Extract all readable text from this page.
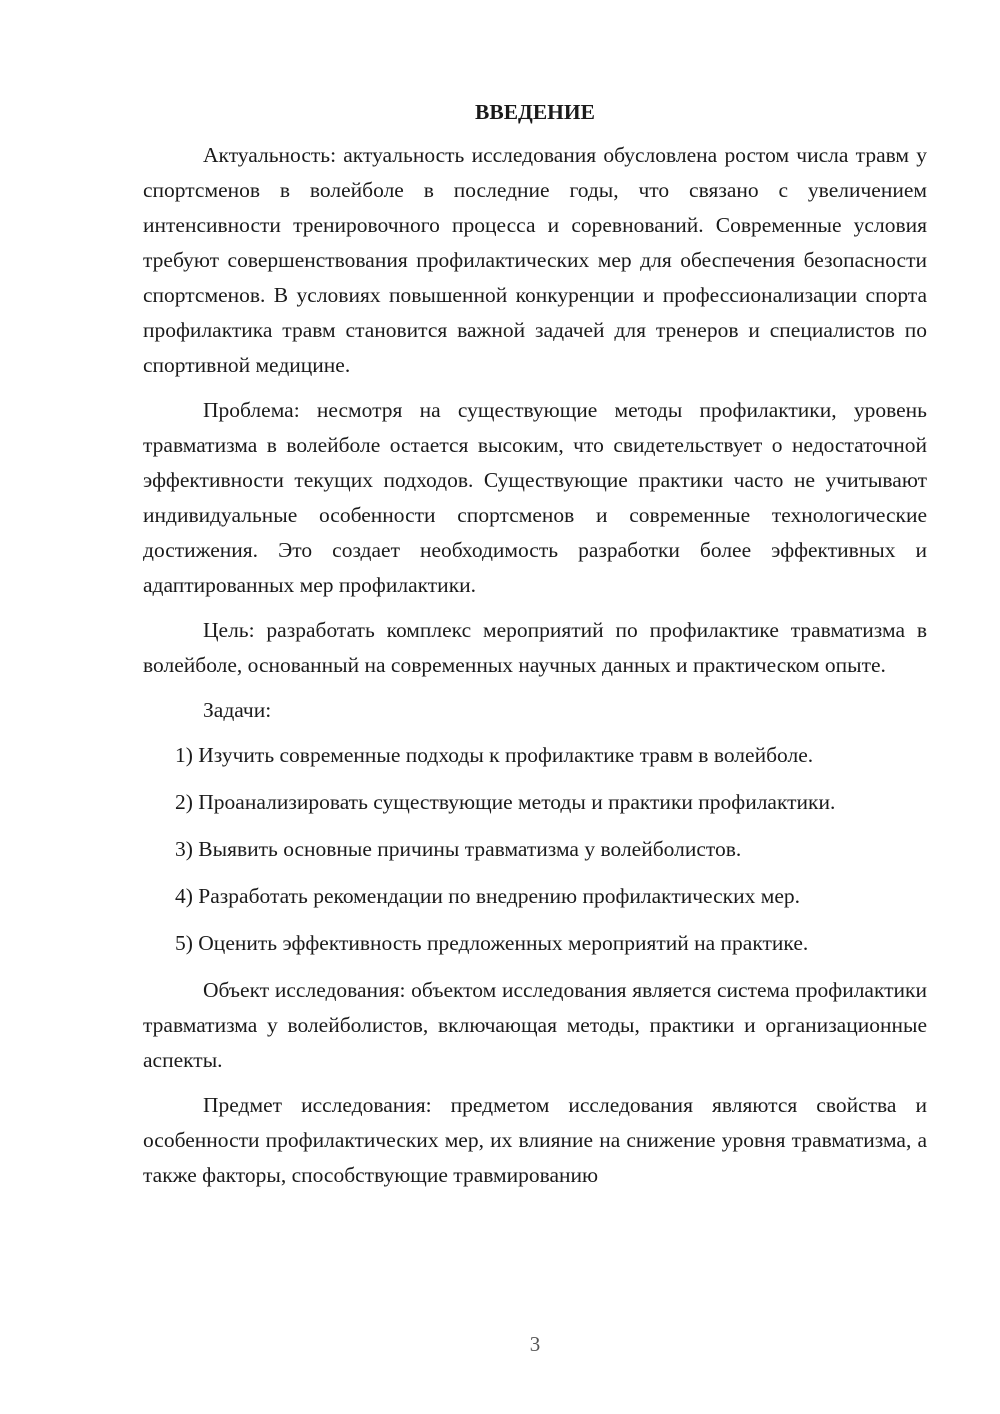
ВВЕДЕНИЕ

Актуальность: актуальность исследования обусловлена ростом числа травм у спортсменов в волейболе в последние годы, что связано с увеличением интенсивности тренировочного процесса и соревнований. Современные условия требуют совершенствования профилактических мер для обеспечения безопасности спортсменов. В условиях повышенной конкуренции и профессионализации спорта профилактика травм становится важной задачей для тренеров и специалистов по спортивной медицине.

Проблема: несмотря на существующие методы профилактики, уровень травматизма в волейболе остается высоким, что свидетельствует о недостаточной эффективности текущих подходов. Существующие практики часто не учитывают индивидуальные особенности спортсменов и современные технологические достижения. Это создает необходимость разработки более эффективных и адаптированных мер профилактики.

Цель: разработать комплекс мероприятий по профилактике травматизма в волейболе, основанный на современных научных данных и практическом опыте.

Задачи:

1) Изучить современные подходы к профилактике травм в волейболе.

2) Проанализировать существующие методы и практики профилактики.

3) Выявить основные причины травматизма у волейболистов.

4) Разработать рекомендации по внедрению профилактических мер.

5) Оценить эффективность предложенных мероприятий на практике.

Объект исследования: объектом исследования является система профилактики травматизма у волейболистов, включающая методы, практики и организационные аспекты.

Предмет исследования: предметом исследования являются свойства и особенности профилактических мер, их влияние на снижение уровня травматизма, а также факторы, способствующие травмированию

3
